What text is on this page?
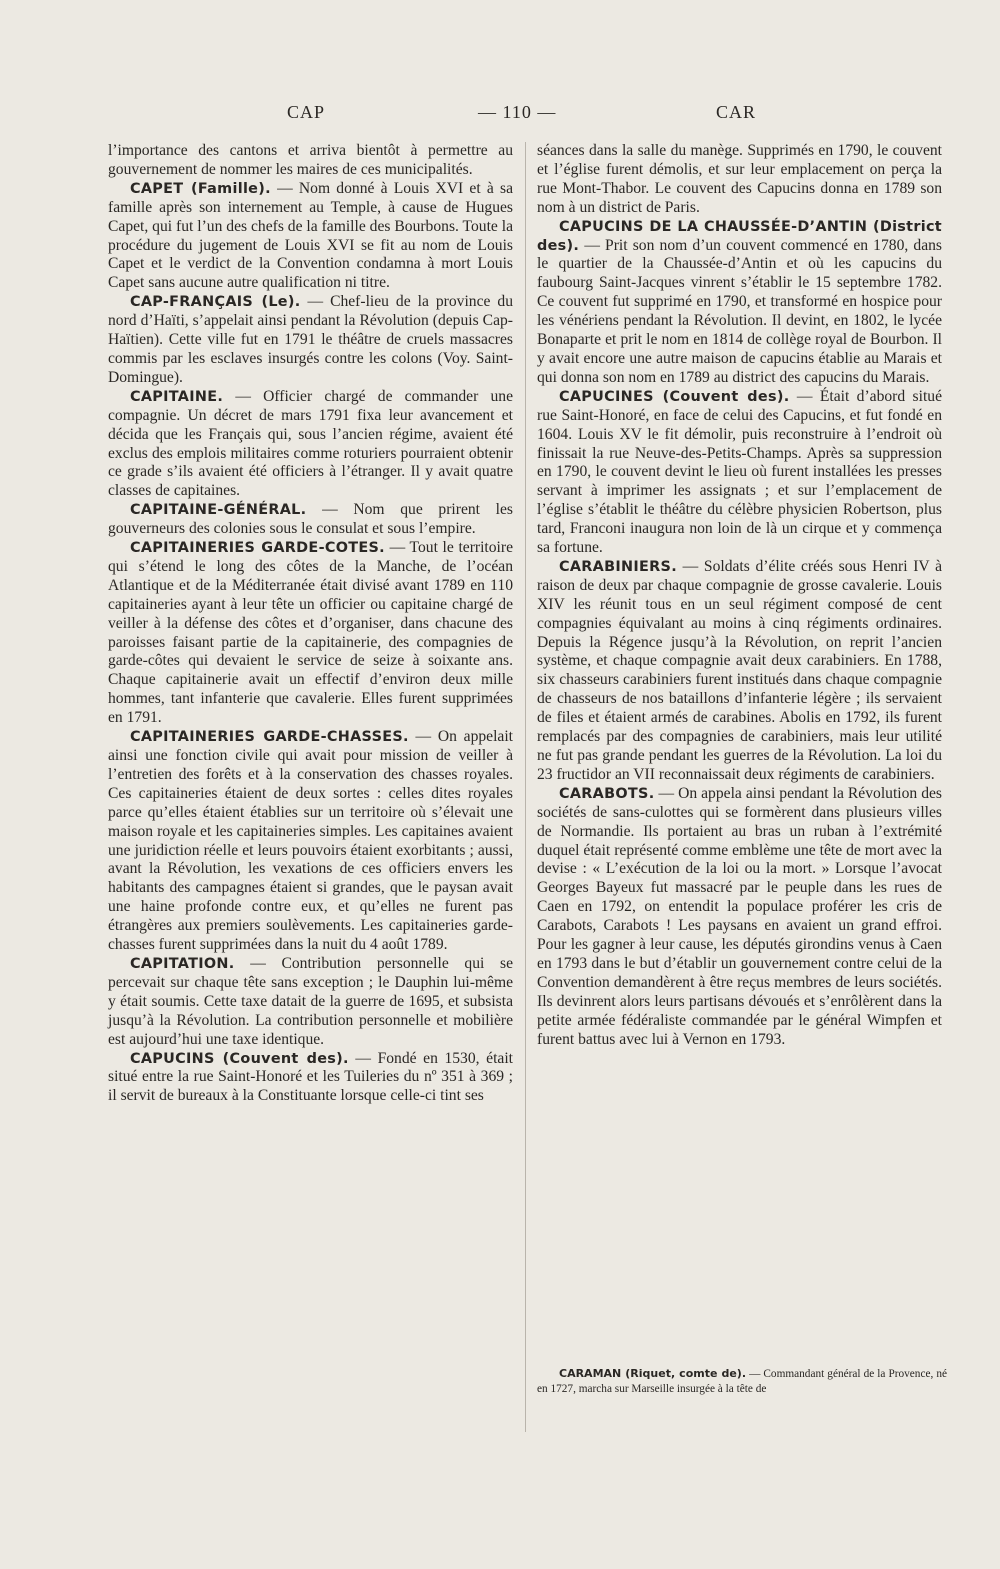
CAP	— 110 —	CAR

l’importance des cantons et arriva bientôt à permettre au gouvernement de nommer les maires de ces municipalités.

CAPET (Famille). — Nom donné à Louis XVI et à sa famille après son internement au Temple, à cause de Hugues Capet, qui fut l’un des chefs de la famille des Bourbons. Toute la procédure du jugement de Louis XVI se fit au nom de Louis Capet et le verdict de la Convention condamna à mort Louis Capet sans aucune autre qualification ni titre.

CAP-FRANÇAIS (Le). — Chef-lieu de la province du nord d’Haïti, s’appelait ainsi pendant la Révolution (depuis Cap-Haïtien). Cette ville fut en 1791 le théâtre de cruels massacres commis par les esclaves insurgés contre les colons (Voy. Saint-Domingue).

CAPITAINE. — Officier chargé de commander une compagnie. Un décret de mars 1791 fixa leur avancement et décida que les Français qui, sous l’ancien régime, avaient été exclus des emplois militaires comme roturiers pourraient obtenir ce grade s’ils avaient été officiers à l’étranger. Il y avait quatre classes de capitaines.

CAPITAINE-GÉNÉRAL. — Nom que prirent les gouverneurs des colonies sous le consulat et sous l’empire.

CAPITAINERIES GARDE-COTES. — Tout le territoire qui s’étend le long des côtes de la Manche, de l’océan Atlantique et de la Méditerranée était divisé avant 1789 en 110 capitaineries ayant à leur tête un officier ou capitaine chargé de veiller à la défense des côtes et d’organiser, dans chacune des paroisses faisant partie de la capitainerie, des compagnies de garde-côtes qui devaient le service de seize à soixante ans. Chaque capitainerie avait un effectif d’environ deux mille hommes, tant infanterie que cavalerie. Elles furent supprimées en 1791.

CAPITAINERIES GARDE-CHASSES. — On appelait ainsi une fonction civile qui avait pour mission de veiller à l’entretien des forêts et à la conservation des chasses royales. Ces capitaineries étaient de deux sortes : celles dites royales parce qu’elles étaient établies sur un territoire où s’élevait une maison royale et les capitaineries simples. Les capitaines avaient une juridiction réelle et leurs pouvoirs étaient exorbitants ; aussi, avant la Révolution, les vexations de ces officiers envers les habitants des campagnes étaient si grandes, que le paysan avait une haine profonde contre eux, et qu’elles ne furent pas étrangères aux premiers soulèvements. Les capitaineries garde-chasses furent supprimées dans la nuit du 4 août 1789.

CAPITATION. — Contribution personnelle qui se percevait sur chaque tête sans exception ; le Dauphin lui-même y était soumis. Cette taxe datait de la guerre de 1695, et subsista jusqu’à la Révolution. La contribution personnelle et mobilière est aujourd’hui une taxe identique.

CAPUCINS (Couvent des). — Fondé en 1530, était situé entre la rue Saint-Honoré et les Tuileries du nº 351 à 369 ; il servit de bureaux à la Constituante lorsque celle-ci tint ses

séances dans la salle du manège. Supprimés en 1790, le couvent et l’église furent démolis, et sur leur emplacement on perça la rue Mont-Thabor. Le couvent des Capucins donna en 1789 son nom à un district de Paris.

CAPUCINS DE LA CHAUSSÉE-D’ANTIN (District des). — Prit son nom d’un couvent commencé en 1780, dans le quartier de la Chaussée-d’Antin et où les capucins du faubourg Saint-Jacques vinrent s’établir le 15 septembre 1782. Ce couvent fut supprimé en 1790, et transformé en hospice pour les vénériens pendant la Révolution. Il devint, en 1802, le lycée Bonaparte et prit le nom en 1814 de collège royal de Bourbon. Il y avait encore une autre maison de capucins établie au Marais et qui donna son nom en 1789 au district des capucins du Marais.

CAPUCINES (Couvent des). — Était d’abord situé rue Saint-Honoré, en face de celui des Capucins, et fut fondé en 1604. Louis XV le fit démolir, puis reconstruire à l’endroit où finissait la rue Neuve-des-Petits-Champs. Après sa suppression en 1790, le couvent devint le lieu où furent installées les presses servant à imprimer les assignats ; et sur l’emplacement de l’église s’établit le théâtre du célèbre physicien Robertson, plus tard, Franconi inaugura non loin de là un cirque et y commença sa fortune.

CARABINIERS. — Soldats d’élite créés sous Henri IV à raison de deux par chaque compagnie de grosse cavalerie. Louis XIV les réunit tous en un seul régiment composé de cent compagnies équivalant au moins à cinq régiments ordinaires. Depuis la Régence jusqu’à la Révolution, on reprit l’ancien système, et chaque compagnie avait deux carabiniers. En 1788, six chasseurs carabiniers furent institués dans chaque compagnie de chasseurs de nos bataillons d’infanterie légère ; ils servaient de files et étaient armés de carabines. Abolis en 1792, ils furent remplacés par des compagnies de carabiniers, mais leur utilité ne fut pas grande pendant les guerres de la Révolution. La loi du 23 fructidor an VII reconnaissait deux régiments de carabiniers.

CARABOTS. — On appela ainsi pendant la Révolution des sociétés de sans-culottes qui se formèrent dans plusieurs villes de Normandie. Ils portaient au bras un ruban à l’extrémité duquel était représenté comme emblème une tête de mort avec la devise : « L’exécution de la loi ou la mort. » Lorsque l’avocat Georges Bayeux fut massacré par le peuple dans les rues de Caen en 1792, on entendit la populace proférer les cris de Carabots, Carabots ! Les paysans en avaient un grand effroi. Pour les gagner à leur cause, les députés girondins venus à Caen en 1793 dans le but d’établir un gouvernement contre celui de la Convention demandèrent à être reçus membres de leurs sociétés. Ils devinrent alors leurs partisans dévoués et s’enrôlèrent dans la petite armée fédéraliste commandée par le général Wimpfen et furent battus avec lui à Vernon en 1793.

CARAMAN (Riquet, comte de). — Commandant général de la Provence, né en 1727, marcha sur Marseille insurgée à la tête de
